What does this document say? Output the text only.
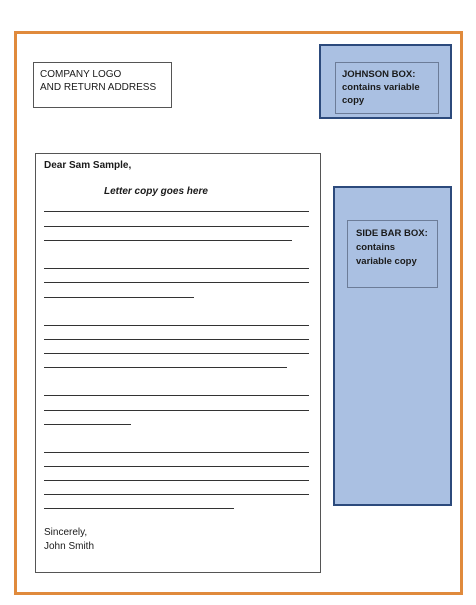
COMPANY LOGO
AND RETURN ADDRESS
JOHNSON BOX:
contains variable
copy
SIDE BAR BOX:
contains
variable copy
Dear Sam Sample,
Letter copy goes here
Sincerely,
John Smith
